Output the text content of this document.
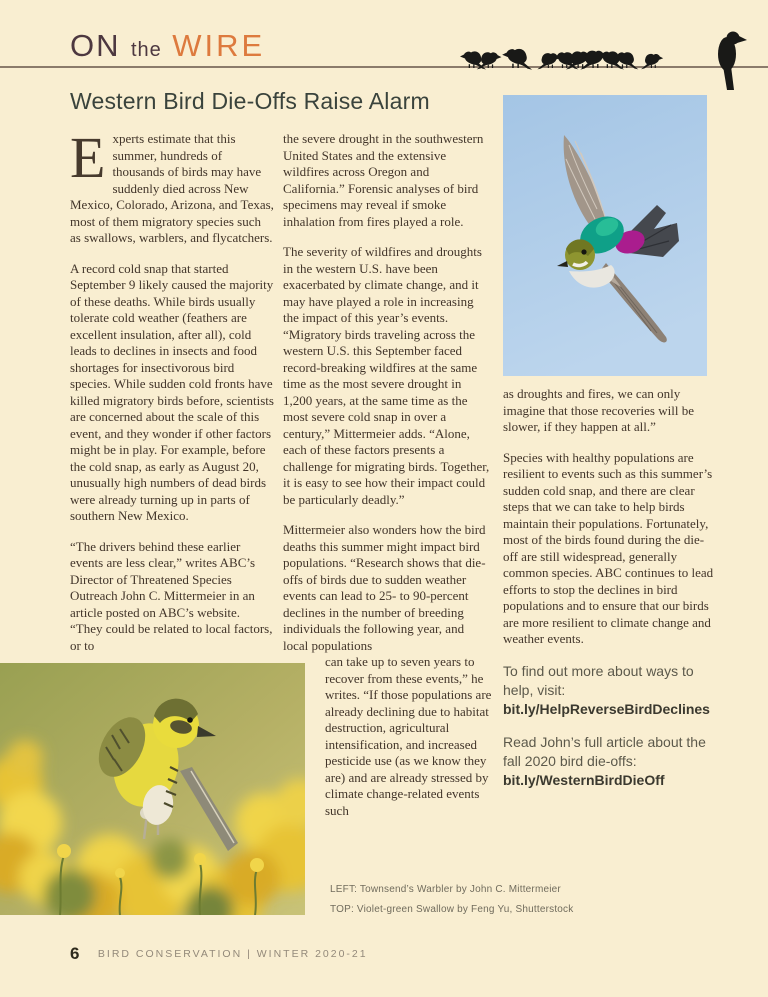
ON the WIRE
Western Bird Die-Offs Raise Alarm

Experts estimate that this summer, hundreds of thousands of birds may have suddenly died across New Mexico, Colorado, Arizona, and Texas, most of them migratory species such as swallows, warblers, and flycatchers.

A record cold snap that started September 9 likely caused the majority of these deaths. While birds usually tolerate cold weather (feathers are excellent insulation, after all), cold leads to declines in insects and food shortages for insectivorous bird species. While sudden cold fronts have killed migratory birds before, scientists are concerned about the scale of this event, and they wonder if other factors might be in play. For example, before the cold snap, as early as August 20, unusually high numbers of dead birds were already turning up in parts of southern New Mexico.

“The drivers behind these earlier events are less clear,” writes ABC’s Director of Threatened Species Outreach John C. Mittermeier in an article posted on ABC’s website. “They could be related to local factors, or to

the severe drought in the southwestern United States and the extensive wildfires across Oregon and California.” Forensic analyses of bird specimens may reveal if smoke inhalation from fires played a role.

The severity of wildfires and droughts in the western U.S. have been exacerbated by climate change, and it may have played a role in increasing the impact of this year’s events. “Migratory birds traveling across the western U.S. this September faced record-breaking wildfires at the same time as the most severe drought in 1,200 years, at the same time as the most severe cold snap in over a century,” Mittermeier adds. “Alone, each of these factors presents a challenge for migrating birds. Together, it is easy to see how their impact could be particularly deadly.”

Mittermeier also wonders how the bird deaths this summer might impact bird populations. “Research shows that die-offs of birds due to sudden weather events can lead to 25- to 90-percent declines in the number of breeding individuals the following year, and local populations

can take up to seven years to recover from these events,” he writes. “If those populations are already declining due to habitat destruction, agricultural intensification, and increased pesticide use (as we know they are) and are already stressed by climate change-related events such

as droughts and fires, we can only imagine that those recoveries will be slower, if they happen at all.”

Species with healthy populations are resilient to events such as this summer’s sudden cold snap, and there are clear steps that we can take to help birds maintain their populations. Fortunately, most of the birds found during the die-off are still widespread, generally common species. ABC continues to lead efforts to stop the declines in bird populations and to ensure that our birds are more resilient to climate change and weather events.

To find out more about ways to help, visit: bit.ly/HelpReverseBirdDeclines

Read John’s full article about the fall 2020 bird die-offs: bit.ly/WesternBirdDieOff

LEFT: Townsend’s Warbler by John C. Mittermeier
TOP: Violet-green Swallow by Feng Yu, Shutterstock
6 BIRD CONSERVATION | WINTER 2020-21
